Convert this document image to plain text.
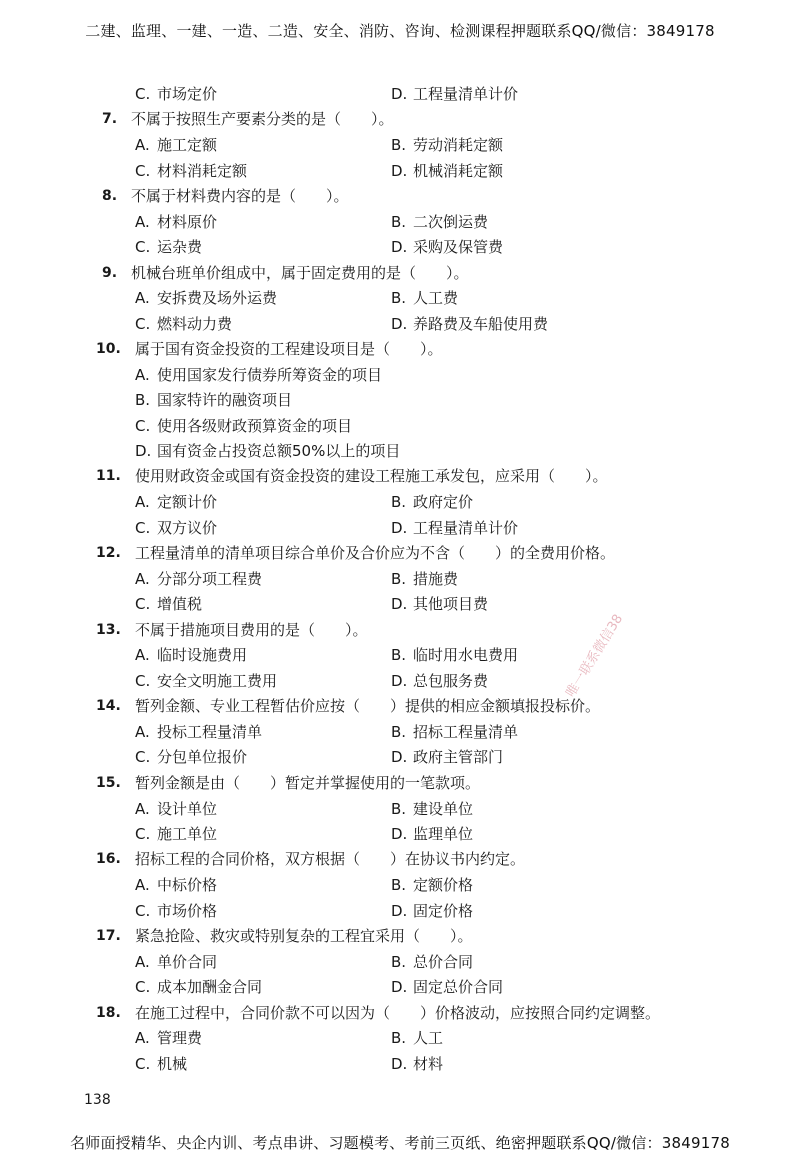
二建、监理、一建、一造、二造、安全、消防、咨询、检测课程押题联系QQ/微信：3849178
C. 市场定价	D. 工程量清单计价
7. 不属于按照生产要素分类的是（　　）。
A. 施工定额	B. 劳动消耗定额
C. 材料消耗定额	D. 机械消耗定额
8. 不属于材料费内容的是（　　）。
A. 材料原价	B. 二次倒运费
C. 运杂费	D. 采购及保管费
9. 机械台班单价组成中，属于固定费用的是（　　）。
A. 安拆费及场外运费	B. 人工费
C. 燃料动力费	D. 养路费及车船使用费
10. 属于国有资金投资的工程建设项目是（　　）。
A. 使用国家发行债券所筹资金的项目
B. 国家特许的融资项目
C. 使用各级财政预算资金的项目
D. 国有资金占投资总额50%以上的项目
11. 使用财政资金或国有资金投资的建设工程施工承发包，应采用（　　）。
A. 定额计价	B. 政府定价
C. 双方议价	D. 工程量清单计价
12. 工程量清单的清单项目综合单价及合价应为不含（　　）的全费用价格。
A. 分部分项工程费	B. 措施费
C. 增值税	D. 其他项目费
13. 不属于措施项目费用的是（　　）。
A. 临时设施费用	B. 临时用水电费用
C. 安全文明施工费用	D. 总包服务费
14. 暂列金额、专业工程暂估价应按（　　）提供的相应金额填报投标价。
A. 投标工程量清单	B. 招标工程量清单
C. 分包单位报价	D. 政府主管部门
15. 暂列金额是由（　　）暂定并掌握使用的一笔款项。
A. 设计单位	B. 建设单位
C. 施工单位	D. 监理单位
16. 招标工程的合同价格，双方根据（　　）在协议书内约定。
A. 中标价格	B. 定额价格
C. 市场价格	D. 固定价格
17. 紧急抢险、救灾或特别复杂的工程宜采用（　　）。
A. 单价合同	B. 总价合同
C. 成本加酬金合同	D. 固定总价合同
18. 在施工过程中，合同价款不可以因为（　　）价格波动，应按照合同约定调整。
A. 管理费	B. 人工
C. 机械	D. 材料
唯一联系微信38
138
名师面授精华、央企内训、考点串讲、习题模考、考前三页纸、绝密押题联系QQ/微信：3849178
